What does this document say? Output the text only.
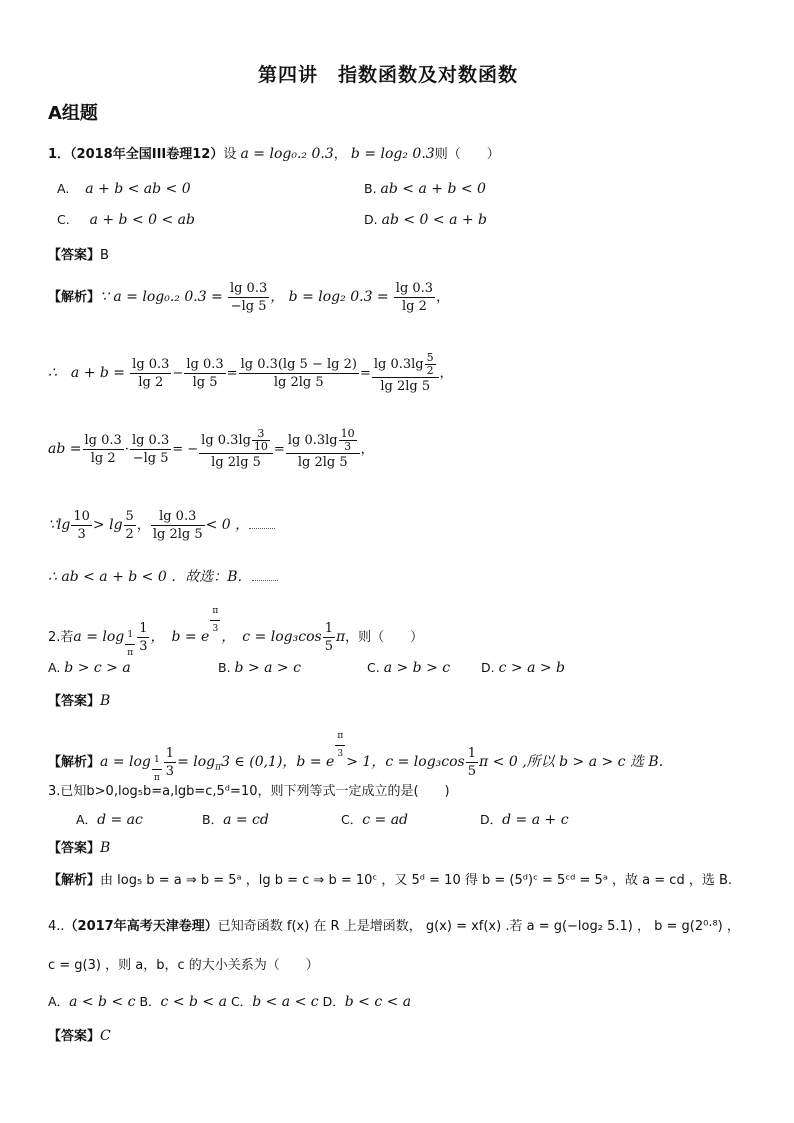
第四讲　指数函数及对数函数
A组题
1．（2018年全国III卷理12）设 a = log₀.₂ 0.3， b = log₂ 0.3则（　　）
A. a + b < ab < 0	B. ab < a + b < 0
C. a + b < 0 < ab	D. ab < 0 < a + b
【答案】B
【解析】∵ a = log₀.₂ $0.3 = \frac{\lg 0.3}{-\lg 5}$ ， b = log₂ $0.3 = \frac{\lg 0.3}{\lg 2}$ ，
∴　$a + b = \frac{\lg 0.3}{\lg 2} - \frac{\lg 0.3}{\lg 5} = \frac{\lg 0.3(\lg 5 - \lg 2)}{\lg 2\lg 5} = \frac{\lg 0.3\lg \frac{5}{2}}{\lg 2\lg 5}$ ，
ab = $\frac{\lg 0.3}{\lg 2} \cdot \frac{\lg 0.3}{-\lg 5}$ = − $\frac{\lg 0.3\lg \frac{3}{10}}{\lg 2\lg 5} = \frac{\lg 0.3\lg \frac{10}{3}}{\lg 2\lg 5}$ ，
∵lg $\frac{10}{3} > \lg \frac{5}{2}$ ， $\frac{\lg 0.3}{\lg 2\lg 5} < 0$ ，
∴ ab < a + b < 0 ．故选：B．
2.若$a = \log \frac{1}{\pi} \frac{1}{3}$ ，　b = e $\frac{\pi}{3}$ ，　$c = \log_3\cos \frac{1}{5}$ π，则（　　）
A. b > c > a	B. b > a > c	C. a > b > c D. c > a > b
【答案】B
【解析】$a = \log \frac{1}{\pi} \frac{1}{3} = \log_\pi 3$ ∈ (0,1)，b = e $\frac{\pi}{3} > 1$，$c = \log_3\cos \frac{1}{5}$ π < 0 ,所以 b > a > c 选 B.
3.已知b>0,log₅b=a,lgb=c,5ᵈ=10，则下列等式一定成立的是(　　)
A．d = ac	B．a = cd	C．c = ad	D．d = a + c
【答案】B
【解析】由 log₅ b = a ⇒ b = 5ᵃ ，lg b = c ⇒ b = 10ᶜ ，又 5ᵈ = 10 得 b = (5ᵈ)ᶜ = 5ᶜᵈ = 5ᵃ ，故 a = cd ，选 B.
4..（2017年高考天津卷理）已知奇函数 f(x) 在 R 上是增函数， g(x) = xf(x) .若 a = g(−log₂ 5.1) ， b = g(2⁰·⁸) ，
c = g(3) ，则 a，b，c 的大小关系为（　　）
A．a < b < c B．c < b < a C．b < a < c D．b < c < a
【答案】C
